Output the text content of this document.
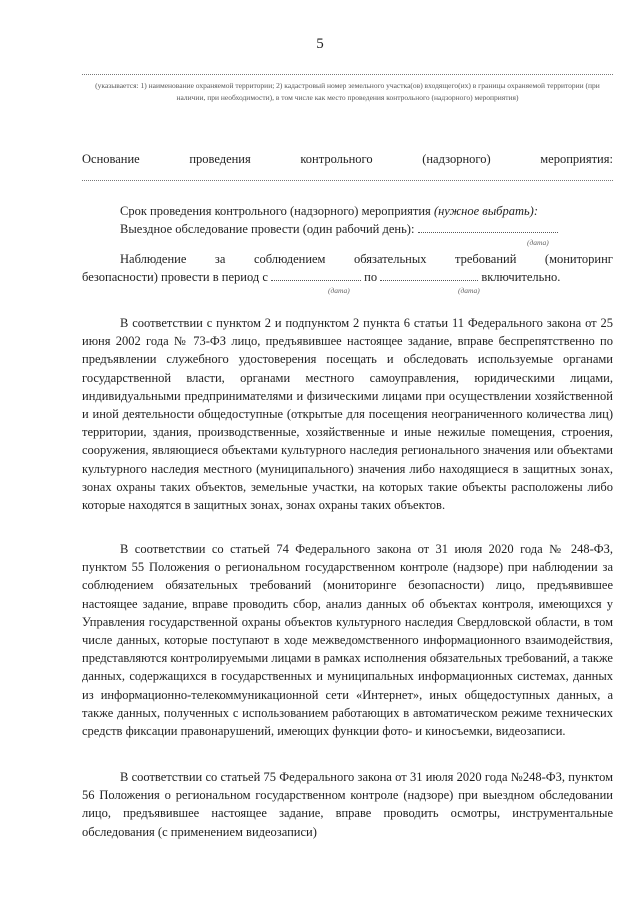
5
(указывается: 1) наименование охраняемой территории; 2) кадастровый номер земельного участка(ов) входящего(их) в границы охраняемой территории (при наличии, при необходимости), в том числе как место проведения контрольного (надзорного) мероприятия)
Основание	проведения	контрольного	(надзорного)	мероприятия:
Срок проведения контрольного (надзорного) мероприятия (нужное выбрать):
Выездное обследование провести (один рабочий день):
(дата)
Наблюдение за соблюдением обязательных требований (мониторинг
безопасности) провести в период с	по	включительно.
(дата)	(дата)
В соответствии с пунктом 2 и подпунктом 2 пункта 6 статьи 11 Федерального закона от 25 июня 2002 года № 73-ФЗ лицо, предъявившее настоящее задание, вправе беспрепятственно по предъявлении служебного удостоверения посещать и обследовать используемые органами государственной власти, органами местного самоуправления, юридическими лицами, индивидуальными предпринимателями и физическими лицами при осуществлении хозяйственной и иной деятельности общедоступные (открытые для посещения неограниченного количества лиц) территории, здания, производственные, хозяйственные и иные нежилые помещения, строения, сооружения, являющиеся объектами культурного наследия регионального значения или объектами культурного наследия местного (муниципального) значения либо находящиеся в защитных зонах, зонах охраны таких объектов, земельные участки, на которых такие объекты расположены либо которые находятся в защитных зонах, зонах охраны таких объектов.
В соответствии со статьей 74 Федерального закона от 31 июля 2020 года № 248-ФЗ, пунктом 55 Положения о региональном государственном контроле (надзоре) при наблюдении за соблюдением обязательных требований (мониторинге безопасности) лицо, предъявившее настоящее задание, вправе проводить сбор, анализ данных об объектах контроля, имеющихся у Управления государственной охраны объектов культурного наследия Свердловской области, в том числе данных, которые поступают в ходе межведомственного информационного взаимодействия, представляются контролируемыми лицами в рамках исполнения обязательных требований, а также данных, содержащихся в государственных и муниципальных информационных системах, данных из информационно-телекоммуникационной сети «Интернет», иных общедоступных данных, а также данных, полученных с использованием работающих в автоматическом режиме технических средств фиксации правонарушений, имеющих функции фото- и киносъемки, видеозаписи.
В соответствии со статьей 75 Федерального закона от 31 июля 2020 года №248-ФЗ, пунктом 56 Положения о региональном государственном контроле (надзоре) при выездном обследовании лицо, предъявившее настоящее задание, вправе проводить осмотры, инструментальные обследования (с применением видеозаписи)
